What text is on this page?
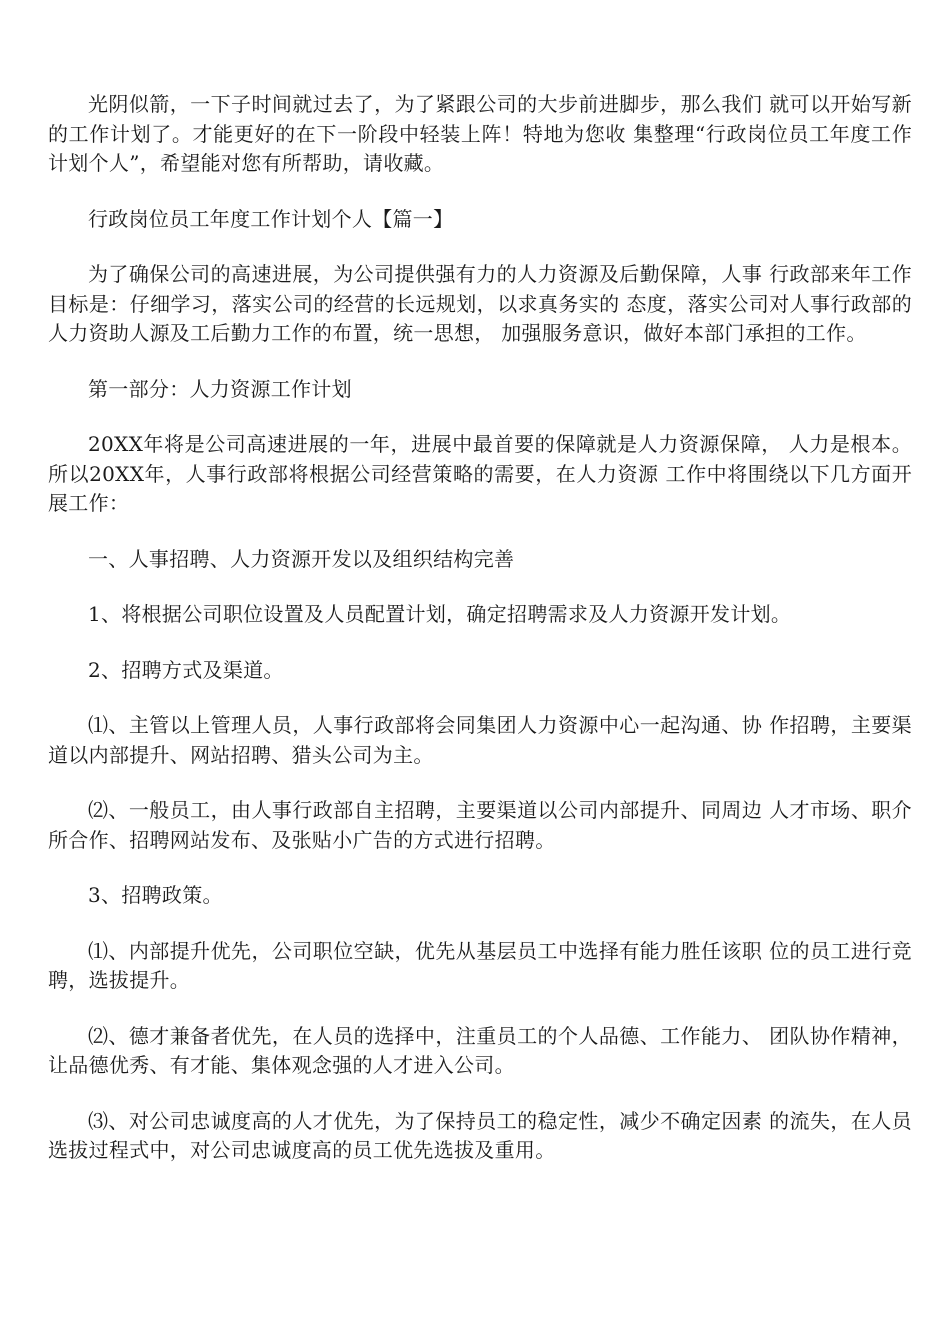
光阴似箭，一下子时间就过去了，为了紧跟公司的大步前进脚步，那么我们 就可以开始写新的工作计划了。才能更好的在下一阶段中轻装上阵！特地为您收 集整理“行政岗位员工年度工作计划个人”，希望能对您有所帮助，请收藏。

行政岗位员工年度工作计划个人【篇一】

为了确保公司的高速进展，为公司提供强有力的人力资源及后勤保障，人事 行政部来年工作目标是：仔细学习，落实公司的经营的长远规划，以求真务实的 态度，落实公司对人事行政部的人力资助人源及工后勤力工作的布置，统一思想， 加强服务意识，做好本部门承担的工作。

第一部分：人力资源工作计划

20XX年将是公司高速进展的一年，进展中最首要的保障就是人力资源保障， 人力是根本。所以20XX年，人事行政部将根据公司经营策略的需要，在人力资源 工作中将围绕以下几方面开展工作：

一、人事招聘、人力资源开发以及组织结构完善

1、将根据公司职位设置及人员配置计划，确定招聘需求及人力资源开发计划。

2、招聘方式及渠道。

⑴、主管以上管理人员，人事行政部将会同集团人力资源中心一起沟通、协 作招聘，主要渠道以内部提升、网站招聘、猎头公司为主。

⑵、一般员工，由人事行政部自主招聘，主要渠道以公司内部提升、同周边 人才市场、职介所合作、招聘网站发布、及张贴小广告的方式进行招聘。

3、招聘政策。

⑴、内部提升优先，公司职位空缺，优先从基层员工中选择有能力胜任该职 位的员工进行竞聘，选拔提升。

⑵、德才兼备者优先，在人员的选择中，注重员工的个人品德、工作能力、 团队协作精神，让品德优秀、有才能、集体观念强的人才进入公司。

⑶、对公司忠诚度高的人才优先，为了保持员工的稳定性，减少不确定因素 的流失，在人员选拔过程式中，对公司忠诚度高的员工优先选拔及重用。
